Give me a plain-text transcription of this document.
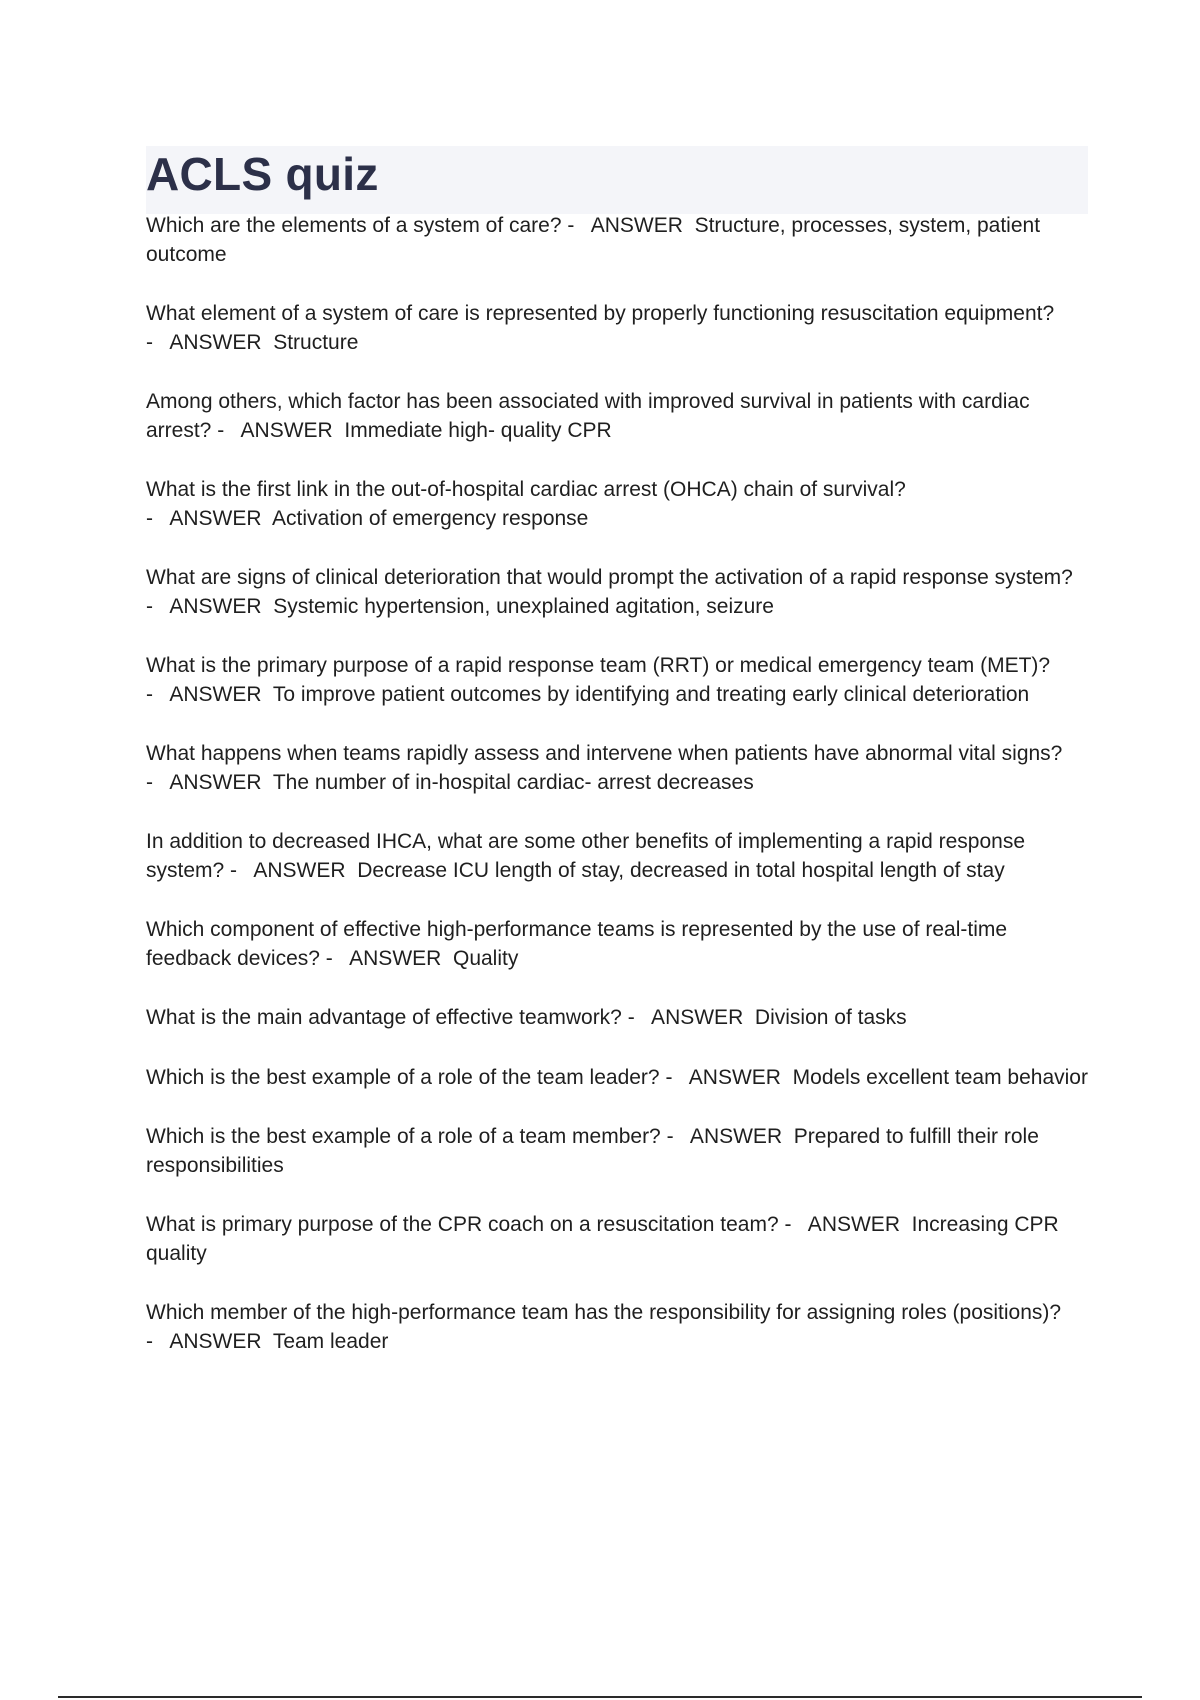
ACLS quiz

Which are the elements of a system of care? -   ANSWER  Structure, processes, system, patient outcome

What element of a system of care is represented by properly functioning resuscitation equipment? -   ANSWER  Structure

Among others, which factor has been associated with improved survival in patients with cardiac arrest? -   ANSWER  Immediate high- quality CPR

What is the first link in the out-of-hospital cardiac arrest (OHCA) chain of survival? -   ANSWER  Activation of emergency response

What are signs of clinical deterioration that would prompt the activation of a rapid response system? -   ANSWER  Systemic hypertension, unexplained agitation, seizure

What is the primary purpose of a rapid response team (RRT) or medical emergency team (MET)? -   ANSWER  To improve patient outcomes by identifying and treating early clinical deterioration

What happens when teams rapidly assess and intervene when patients have abnormal vital signs? -   ANSWER  The number of in-hospital cardiac- arrest decreases

In addition to decreased IHCA, what are some other benefits of implementing a rapid response system? -   ANSWER  Decrease ICU length of stay, decreased in total hospital length of stay

Which component of effective high-performance teams is represented by the use of real-time feedback devices? -   ANSWER  Quality

What is the main advantage of effective teamwork? -   ANSWER  Division of tasks

Which is the best example of a role of the team leader? -   ANSWER  Models excellent team behavior

Which is the best example of a role of a team member? -   ANSWER  Prepared to fulfill their role responsibilities

What is primary purpose of the CPR coach on a resuscitation team? -   ANSWER  Increasing CPR quality

Which member of the high-performance team has the responsibility for assigning roles (positions)? -   ANSWER  Team leader
